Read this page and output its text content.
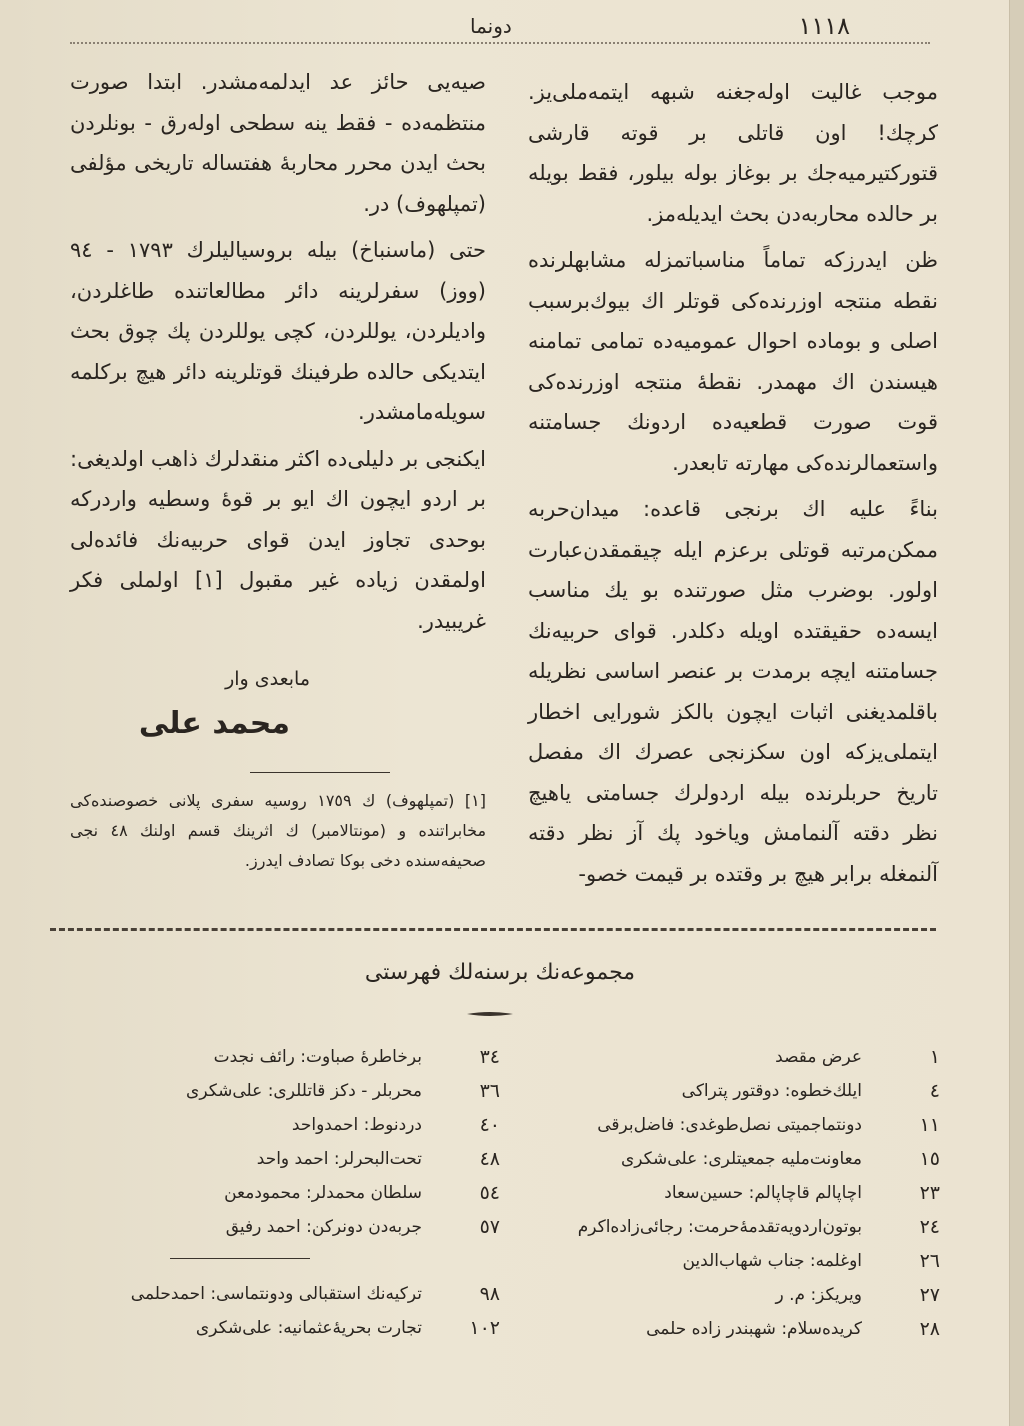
١١١٨
دونما

موجب غالیت اوله‌جغنه شبهه ایتمه‌ملی‌یز. کرچك! اون قاتلی بر قوته قارشی قتورکتیرمیه‌جك بر بوغاز بوله بیلور، فقط بویله بر حالده محاربه‌دن بحث ایدیله‌مز.

ظن ایدرزکه تماماً مناسباتمزله مشابهلرنده نقطه منتجه اوزرنده‌کی قوتلر اك بیوك‌برسبب اصلی و بوماده احوال عمومیه‌ده تمامی تمامنه هیسندن اك مهمدر. نقطهٔ منتجه اوزرنده‌کی قوت صورت قطعیه‌ده اردونك جسامتنه واستعمالرنده‌کی مهارته تابعدر.

بناءً علیه اك برنجی قاعده: میدان‌حربه ممکن‌مرتبه قوتلی برعزم ایله چیقمقدن‌عبارت اولور. بوضرب مثل صورتنده بو یك مناسب ایسه‌ده حقیقتده اویله دکلدر. قوای حربیه‌نك جسامتنه ایچه برمدت بر عنصر اساسی نظریله باقلمدیغنی اثبات ایچون بالکز شورایی اخطار ایتملی‌یزکه اون سکزنجی عصرك اك مفصل تاریخ حربلرنده بیله اردولرك جسامتی یاهیچ نظر دقته آلنمامش ویاخود پك آز نظر دقته آلنمغله برابر هیچ بر وقتده بر قیمت خصو-

صیه‌یی حائز عد ایدلمه‌مشدر. ابتدا صورت منتظمه‌ده - فقط ینه سطحی اوله‌رق - بونلردن بحث ایدن محرر محاربهٔ هفتساله تاریخی مؤلفی (تمپلهوف) در.

حتی (ماسنباخ) بیله بروسیالیلرك ١٧٩٣ - ٩٤ (ووز) سفرلرینه دائر مطالعاتنده طاغلردن، وادیلردن، یوللردن، کچی یوللردن پك چوق بحث ایتدیکی حالده طرفینك قوتلرینه دائر هیچ برکلمه سویله‌مامشدر.

ایکنجی بر دلیلی‌ده اکثر منقدلرك ذاهب اولدیغی: بر اردو ایچون اك ایو بر قوهٔ وسطیه واردرکه بوحدی تجاوز ایدن قوای حربیه‌نك فائده‌لی اولمقدن زیاده غیر مقبول [١] اولملی فکر غریبیدر.

مابعدی وار
محمد علی
[١] (تمپلهوف) ك ١٧٥٩ روسیه سفری پلانی خصوصنده‌کی مخابراتنده و (مونتالامبر) ك اثرینك قسم اولنك ٤٨ نجی صحیفه‌سنده دخی بوکا تصادف ایدرز.
مجموعه‌نك برسنه‌لك فهرستی
١
عرض مقصد
٤
ایلك‌خطوه: دوقتور پتراکی
١١
دونتماجمیتی نصل‌طوغدی: فاضل‌برقی
١٥
معاونت‌ملیه جمعیتلری: علی‌شکری
٢٣
اچاپالم قاچاپالم: حسین‌سعاد
٢٤
بوتون‌اردویه‌تقدمهٔ‌حرمت: رجائی‌زاده‌اکرم
٢٦
اوغلمه: جناب شهاب‌الدین
٢٧
ویریکز: م. ر
٢٨
کریده‌سلام: شهبندر زاده حلمی
٣٤
برخاطرهٔ صباوت: رائف نجدت
٣٦
محربلر - دکز قاتللری: علی‌شکری
٤٠
دردنوط: احمدواحد
٤٨
تحت‌البحرلر: احمد واحد
٥٤
سلطان محمدلر: محمودمعن
٥٧
جربه‌دن دونرکن: احمد رفیق
٩٨
ترکیه‌نك استقبالی ودونتماسی: احمدحلمی
١٠٢
تجارت بحریهٔ‌عثمانیه: علی‌شکری
